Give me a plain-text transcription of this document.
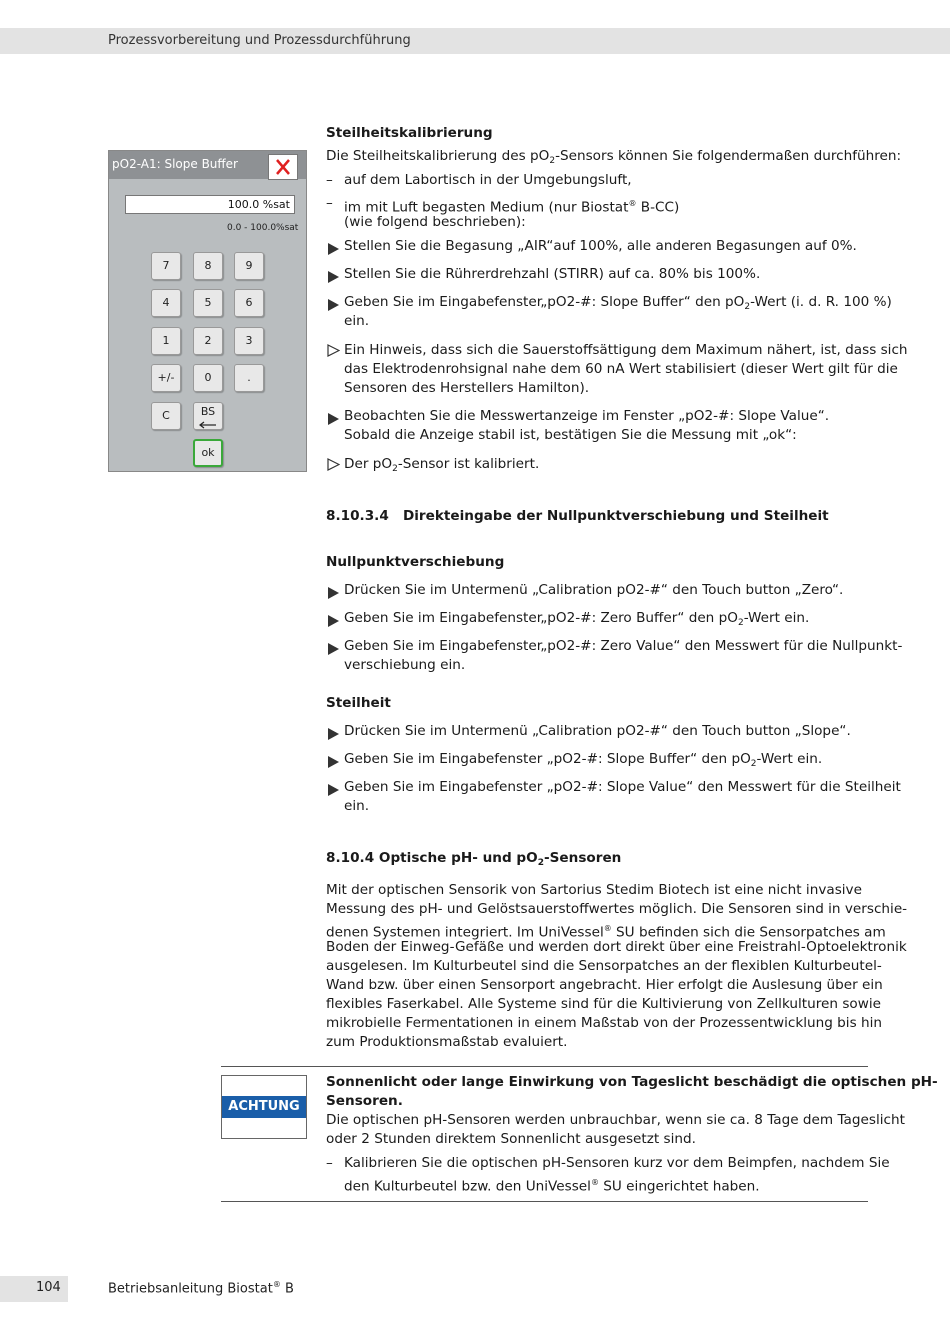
Prozessvorbereitung und Prozessdurchführung
pO2-A1: Slope Buffer
100.0 %sat
0.0 - 100.0%sat
7	8	9
4	5	6
1	2	3
+/-	0	.
C	BS
ok
Steilheitskalibrierung
Die Steilheitskalibrierung des $pO_2$-Sensors können Sie folgendermaßen durchführen:
– auf dem Labortisch in der Umgebungsluft,
– im mit Luft begasten Medium (nur Biostat® B-CC)
(wie folgend beschrieben):
Stellen Sie die Begasung „AIR“auf 100%, alle anderen Begasungen auf 0%.
Stellen Sie die Rührerdrehzahl (STIRR) auf ca. 80% bis 100%.
Geben Sie im Eingabefenster„pO2-#: Slope Buffer“ den $pO_2$-Wert (i. d. R. 100 %)
ein.
Ein Hinweis, dass sich die Sauerstoffsättigung dem Maximum nähert, ist, dass sich
das Elektrodenrohsignal nahe dem 60 nA Wert stabilisiert (dieser Wert gilt für die
Sensoren des Herstellers Hamilton).
Beobachten Sie die Messwertanzeige im Fenster „pO2-#: Slope Value“.
Sobald die Anzeige stabil ist, bestätigen Sie die Messung mit „ok“:
Der $pO_2$-Sensor ist kalibriert.
8.10.3.4   Direkteingabe der Nullpunktverschiebung und Steilheit
Nullpunktverschiebung
Drücken Sie im Untermenü „Calibration pO2-#“ den Touch button „Zero“.
Geben Sie im Eingabefenster„pO2-#: Zero Buffer“ den $pO_2$-Wert ein.
Geben Sie im Eingabefenster„pO2-#: Zero Value“ den Messwert für die Nullpunkt-
verschiebung ein.
Steilheit
Drücken Sie im Untermenü „Calibration pO2-#“ den Touch button „Slope“.
Geben Sie im Eingabefenster „pO2-#: Slope Buffer“ den $pO_2$-Wert ein.
Geben Sie im Eingabefenster „pO2-#: Slope Value“ den Messwert für die Steilheit
ein.
8.10.4 Optische pH- und $pO_2$-Sensoren
Mit der optischen Sensorik von Sartorius Stedim Biotech ist eine nicht invasive
Messung des pH- und Gelöstsauerstoffwertes möglich. Die Sensoren sind in verschie-
denen Systemen integriert. Im UniVessel® SU befinden sich die Sensorpatches am
Boden der Einweg-Gefäße und werden dort direkt über eine Freistrahl-Optoelektronik
ausgelesen. Im Kulturbeutel sind die Sensorpatches an der flexiblen Kulturbeutel-
Wand bzw. über einen Sensorport angebracht. Hier erfolgt die Auslesung über ein
flexibles Faserkabel. Alle Systeme sind für die Kultivierung von Zellkulturen sowie
mikrobielle Fermentationen in einem Maßstab von der Prozessentwicklung bis hin
zum Produktionsmaßstab evaluiert.
ACHTUNG
Sonnenlicht oder lange Einwirkung von Tageslicht beschädigt die optischen pH-
Sensoren.
Die optischen pH-Sensoren werden unbrauchbar, wenn sie ca. 8 Tage dem Tageslicht
oder 2 Stunden direktem Sonnenlicht ausgesetzt sind.
– Kalibrieren Sie die optischen pH-Sensoren kurz vor dem Beimpfen, nachdem Sie
den Kulturbeutel bzw. den UniVessel® SU eingerichtet haben.
104	Betriebsanleitung Biostat® B
